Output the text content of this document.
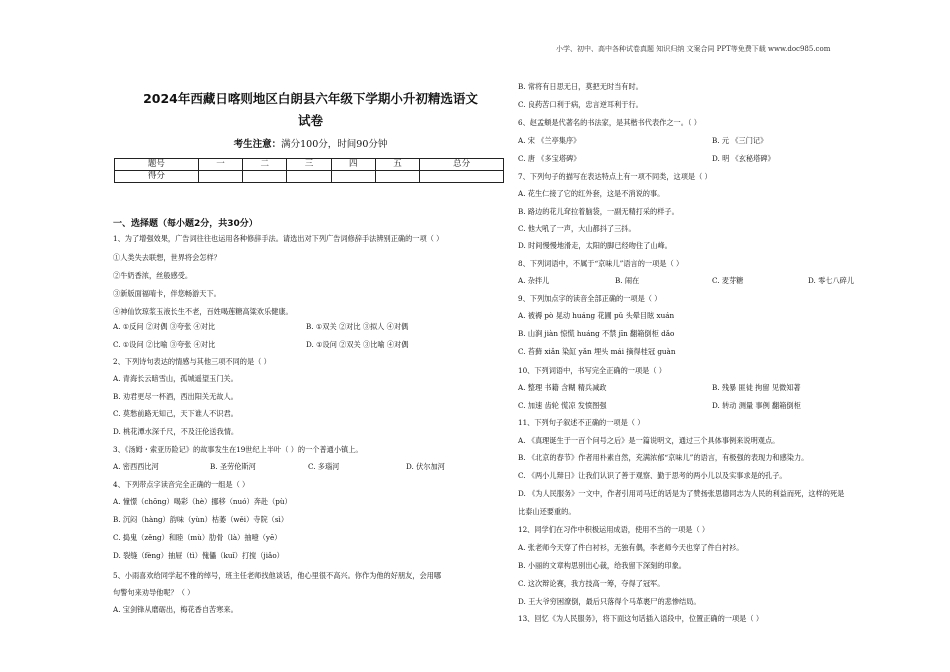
小学、初中、高中各种试卷真题 知识归纳 文案合同 PPT等免费下载 www.doc985.com
2024年西藏日喀则地区白朗县六年级下学期小升初精选语文
试卷
考生注意：满分100分，时间90分钟
题号	一	二	三	四	五	总分
得分						
一、选择题（每小题2分，共30分）
1、为了增强效果，广告词往往也运用各种修辞手法。请选出对下列广告词修辞手法辨别正确的一项（ ）
①人类失去联想，世界将会怎样？
②牛奶香浓，丝般感受。
③新版面福唷卡，伴您畅游天下。
④神仙饮琼浆玉液长生不老，百姓喝莲糖高粱欢乐健康。
A. ①反问 ②对偶 ③夸张 ④对比	B. ①双关 ②对比 ③拟人 ④对偶
C. ①设问 ②比喻 ③夸张 ④对比	D. ①设问 ②双关 ③比喻 ④对偶
2、下列诗句表达的情感与其他三项不同的是（ ）
A. 青海长云暗雪山，孤城遥望玉门关。
B. 劝君更尽一杯酒，西出阳关无故人。
C. 莫愁前路无知己，天下谁人不识君。
D. 桃花潭水深千尺，不及汪伦送我情。
3、《汤姆・索亚历险记》的故事发生在19世纪上半叶（ ）的一个普通小镇上。
A. 密西西比河	B. 圣劳伦斯河	C. 多瑙河	D. 伏尔加河
4、下列带点字读音完全正确的一组是（ ）
A. 憧憬（chōng）喝彩（hè）挪移（nuó）奔赴（pù）
B. 沉闷（hàng）韵味（yùn）枯萎（wěi）寺院（sì）
C. 捣鬼（zěng）和睦（mù）肋骨（là）抽噎（yē）
D. 裂缝（fèng）抽屉（tì）傀儡（kuǐ）打搅（jiǎo）
5、小雨喜欢给同学起不雅的绰号，班主任老师找他谈话，他心里很不高兴。你作为他的好朋友，会用哪
句警句来劝导他呢？（ ）
A. 宝剑锋从磨砺出，梅花香自苦寒来。
B. 常将有日思无日，莫把无时当有时。
C. 良药苦口利于病，忠言逆耳利于行。
6、赵孟頫是代著名的书法家，是其楷书代表作之一。（ ）
A. 宋 《兰亭集序》	B. 元 《三门记》
C. 唐 《多宝塔碑》	D. 明 《玄秘塔碑》
7、下列句子的描写在表达特点上有一项不同类，这项是（ ）
A. 花生仁接了它的红外套，这是不消说的事。
B. 路边的花儿耷拉着脑袋，一副无精打采的样子。
C. 他大吼了一声，大山都抖了三抖。
D. 时间慢慢地滑走，太阳的脚已经吻住了山峰。
8、下列词语中，不属于“京味儿”语言的一项是（ ）
A. 杂拌儿	B. 闹在	C. 麦芽糖	D. 零七八碎儿
9、下列加点字的读音全部正确的一项是（ ）
A. 被褥 pò 晃动 huáng 花圃 pǔ 头晕目眩 xuán
B. 山涧 jiàn 惊慌 huáng 不禁 jīn 翻箱倒柜 dǎo
C. 苔藓 xiǎn 染缸 yǎn 埋头 mái 摘得桂冠 guàn
10、下列词语中，书写完全正确的一项是（ ）
A. 整理 书籍 含糊 精兵减政	B. 残暴 匪徒 拘留 见微知著
C. 加速 齿轮 慌凉 发愤图强	D. 转动 测量 事例 翻箱倒柜
11、下列句子叙述不正确的一项是（ ）
A. 《真理诞生于一百个问号之后》是一篇说明文，通过三个具体事例来说明观点。
B. 《北京的春节》作者用朴素自然，充满浓郁“京味儿”的语言，有极强的表现力和感染力。
C. 《两小儿辩日》让我们认识了善于观察、勤于思考的两小儿以及实事求是的孔子。
D. 《为人民服务》一文中，作者引用司马迁的话是为了赞扬张思德同志为人民的利益而死，这样的死是
比泰山还要重的。
12、同学们在习作中积极运用成语，使用不当的一项是（ ）
A. 张老师今天穿了件白衬衫，无独有偶，李老师今天也穿了件白衬衫。
B. 小丽的文章构思别出心裁，给我留下深刻的印象。
C. 这次辩论赛，我方技高一筹，夺得了冠军。
D. 王大爷穷困潦倒，最后只落得个马革裹尸的悲惨结局。
13、回忆《为人民服务》，将下面这句话插入语段中，位置正确的一项是（ ）
